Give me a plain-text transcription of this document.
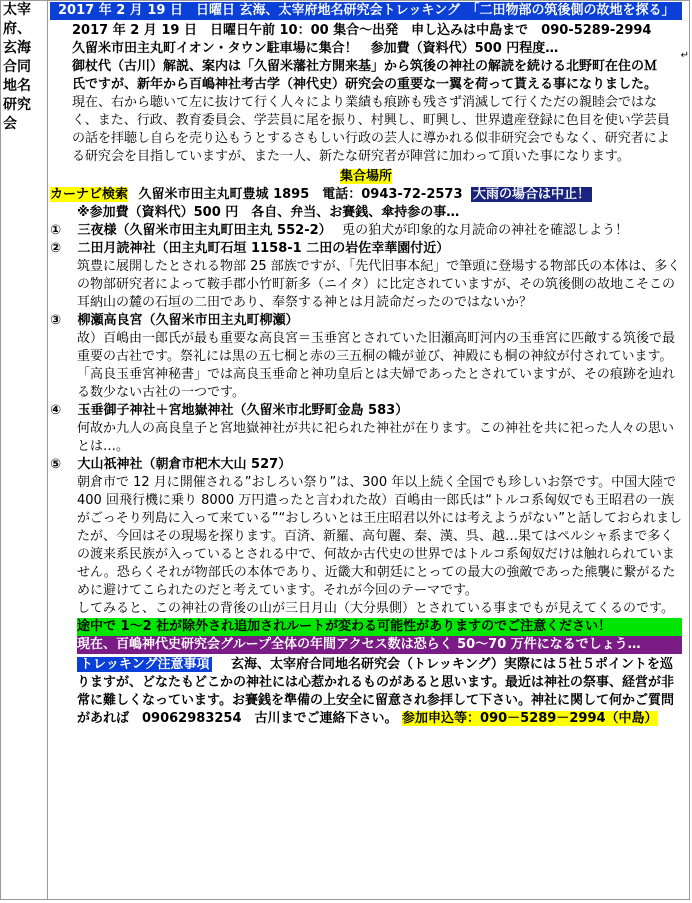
太宰
府、
玄海
合同
地名
研究
会
2017 年 2 月 19 日　日曜日 玄海、太宰府地名研究会トレッキング　「二田物部の筑後側の故地を探る」
2017 年 2 月 19 日　日曜日午前 10：00 集合〜出発　申し込みは中島まで　090-5289-2994
久留米市田主丸町イオン・タウン駐車場に集合！　参加費（資料代）500 円程度…
御杖代（古川）解説、案内は「久留米藩社方開来基」から筑後の神社の解読を続ける北野町在住のＭ
氏ですが、新年から百嶋神社考古学（神代史）研究会の重要な一翼を荷って貰える事になりました。
現在、右から聴いて左に抜けて行く人々により業績も痕跡も残さず消滅して行くただの親睦会ではなく、また、行政、教育委員会、学芸員に尾を振り、村興し、町興し、世界遺産登録に色目を使い学芸員の話を拝聴し自らを売り込もうとするさもしい行政の芸人に導かれる似非研究会でもなく、研究者による研究会を目指していますが、また一人、新たな研究者が陣営に加わって頂いた事になります。
集合場所
カーナビ検索 久留米市田主丸町豊城 1895　電話：0943-72-2573 大雨の場合は中止！
※参加費（資料代）500 円　各自、弁当、お賽銭、傘持参の事…
① 三夜様（久留米市田主丸町田主丸 552-2） 兎の狛犬が印象的な月読命の神社を確認しよう！
② 二田月読神社（田主丸町石垣 1158-1 二田の岩佐幸華園付近）
筑豊に展開したとされる物部 25 部族ですが、「先代旧事本紀」で筆頭に登場する物部氏の本体は、多くの物部研究者によって鞍手郡小竹町新多（ニイタ）に比定されていますが、その筑後側の故地こそこの耳納山の麓の石垣の二田であり、奉祭する神とは月読命だったのではないか？
③ 柳瀬高良宮（久留米市田主丸町柳瀬）
故）百嶋由一郎氏が最も重要な高良宮＝玉垂宮とされていた旧瀬高町河内の玉垂宮に匹敵する筑後で最重要の古社です。祭礼には黒の五七桐と赤の三五桐の幟が並び、神殿にも桐の神紋が付されています。「高良玉垂宮神秘書」では高良玉垂命と神功皇后とは夫婦であったとされていますが、その痕跡を辿れる数少ない古社の一つです。
④ 玉垂御子神社＋宮地嶽神社（久留米市北野町金島 583）
何故か九人の高良皇子と宮地嶽神社が共に祀られた神社が在ります。この神社を共に祀った人々の思いとは…。
⑤ 大山祇神社（朝倉市杷木大山 527）
朝倉市で 12 月に開催される”おしろい祭り”は、300 年以上続く全国でも珍しいお祭です。中国大陸で 400 回飛行機に乗り 8000 万円遣ったと言われた故）百嶋由一郎氏は“トルコ系匈奴でも王昭君の一族がごっそり列島に入って来ている”“おしろいとは王庄昭君以外には考えようがない”と話しておられましたが、今回はその現場を探ります。百済、新羅、高句麗、秦、漢、呉、越…果てはペルシャ系まで多くの渡来系民族が入っているとされる中で、何故か古代史の世界ではトルコ系匈奴だけは触れられていません。恐らくそれが物部氏の本体であり、近畿大和朝廷にとっての最大の強敵であった熊襲に繋がるために避けてこられたのだと考えています。それが今回のテーマです。
してみると、この神社の背後の山が三日月山（大分県側）とされている事までもが見えてくるのです。
途中で 1〜2 社が除外され追加されルートが変わる可能性がありますのでご注意ください！
現在、百嶋神代史研究会グループ全体の年間アクセス数は恐らく 50〜70 万件になるでしょう…
トレッキング注意事項 玄海、太宰府合同地名研究会（トレッキング）実際には５社５ポイントを巡りますが、どなたもどこかの神社には心惹かれるものがあると思います。最近は神社の祭事、経営が非常に難しくなっています。お賽銭を準備の上安全に留意され参拝して下さい。神社に関して何かご質問があれば　09062983254　古川までご連絡下さい。 参加申込等：090－5289－2994（中島）
↵
